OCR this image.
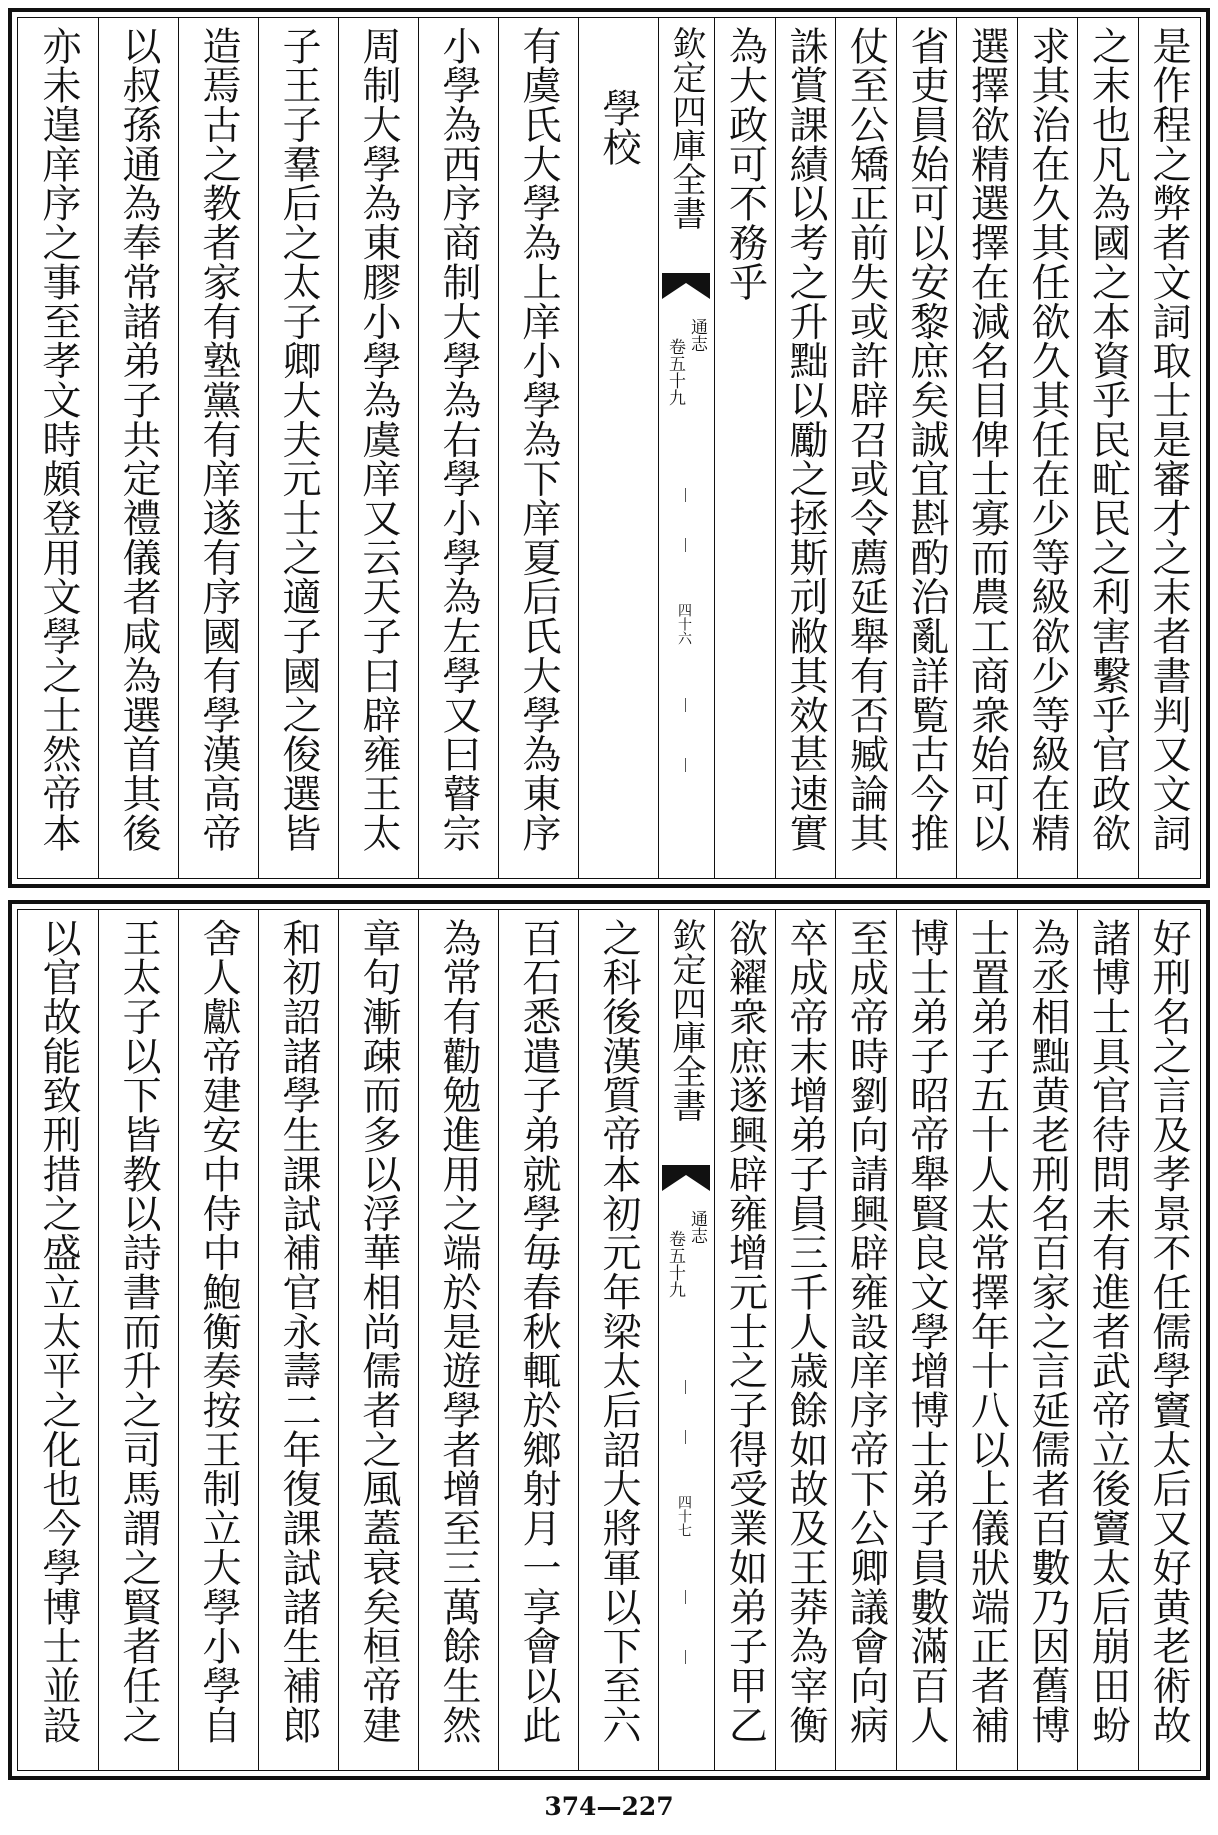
是作程之弊者文詞取士是審才之末者書判又文詞
之末也凡為國之本資乎民甿民之利害繫乎官政欲
求其治在久其任欲久其任在少等級欲少等級在精
選擇欲精選擇在減名目俾士寡而農工商衆始可以
省吏員始可以安黎庶矣誠宜斟酌治亂詳覧古今推
仗至公矯正前失或許辟召或令薦延舉有否臧論其
誅賞課績以考之升黜以勵之拯斯刓敝其效甚速實
為大政可不務乎
欽定四庫全書
通志
卷五十九
四十六
學校
有虞氏大學為上庠小學為下庠夏后氏大學為東序
小學為西序商制大學為右學小學為左學又曰瞽宗
周制大學為東膠小學為虞庠又云天子曰辟雍王太
子王子羣后之太子卿大夫元士之適子國之俊選皆
造焉古之教者家有塾黨有庠遂有序國有學漢高帝
以叔孫通為奉常諸弟子共定禮儀者咸為選首其後
亦未遑庠序之事至孝文時頗登用文學之士然帝本
好刑名之言及孝景不任儒學竇太后又好黄老術故
諸博士具官待問未有進者武帝立後竇太后崩田蚡
為丞相黜黄老刑名百家之言延儒者百數乃因舊博
士置弟子五十人太常擇年十八以上儀狀端正者補
博士弟子昭帝舉賢良文學增博士弟子員數滿百人
至成帝時劉向請興辟雍設庠序帝下公卿議會向病
卒成帝末增弟子員三千人歳餘如故及王莽為宰衡
欲糴衆庶遂興辟雍增元士之子得受業如弟子甲乙
欽定四庫全書
通志
卷五十九
四十七
之科後漢質帝本初元年梁太后詔大將軍以下至六
百石悉遣子弟就學毎春秋輒於鄉射月一享會以此
為常有勸勉進用之端於是遊學者增至三萬餘生然
章句漸疎而多以浮華相尚儒者之風蓋衰矣桓帝建
和初詔諸學生課試補官永壽二年復課試諸生補郎
舍人獻帝建安中侍中鮑衡奏按王制立大學小學自
王太子以下皆教以詩書而升之司馬謂之賢者任之
以官故能致刑措之盛立太平之化也今學博士並設
374—227
